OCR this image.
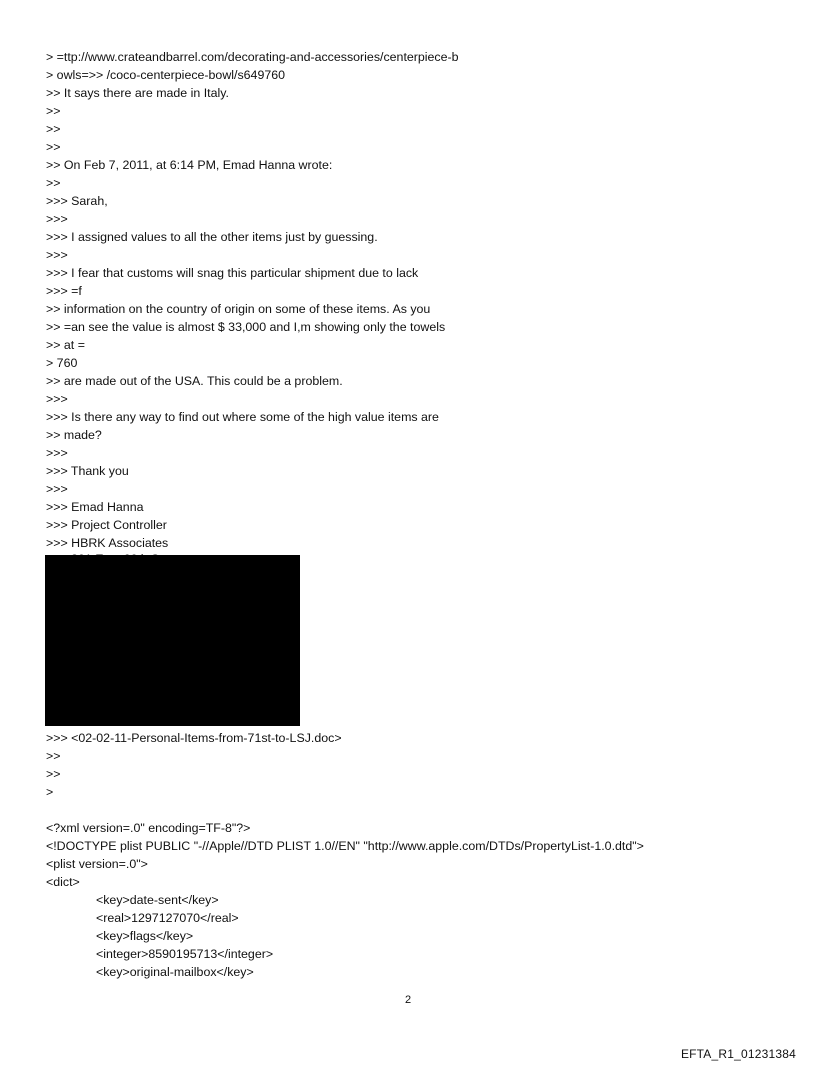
> =ttp://www.crateandbarrel.com/decorating-and-accessories/centerpiece-b
> owls=>> /coco-centerpiece-bowl/s649760
>> It says there are made in Italy.
>>
>>
>>
>> On Feb 7, 2011, at 6:14 PM, Emad Hanna wrote:
>>
>>> Sarah,
>>>
>>> I assigned values to all the other items just by guessing.
>>>
>>> I fear that customs will snag this particular shipment due to lack
>>> =f
>> information on the country of origin on some of these items. As you
>> =an see the value is almost $ 33,000 and I,m showing only the towels
>> at =
> 760
>> are made out of the USA. This could be a problem.
>>>
>>> Is there any way to find out where some of the high value items are
>> made?
>>>
>>> Thank you
>>>
>>> Emad Hanna
>>> Project Controller
>>> HBRK Associates
>>> <02-02-11-Personal-Items-from-71st-to-LSJ.doc>
>>
>>
>
<?xml version=.0" encoding=TF-8"?>
<!DOCTYPE plist PUBLIC "-//Apple//DTD PLIST 1.0//EN" "http://www.apple.com/DTDs/PropertyList-1.0.dtd">
<plist version=.0">
<dict>
<key>date-sent</key>
<real>1297127070</real>
<key>flags</key>
<integer>8590195713</integer>
<key>original-mailbox</key>
2
EFTA_R1_01231384
